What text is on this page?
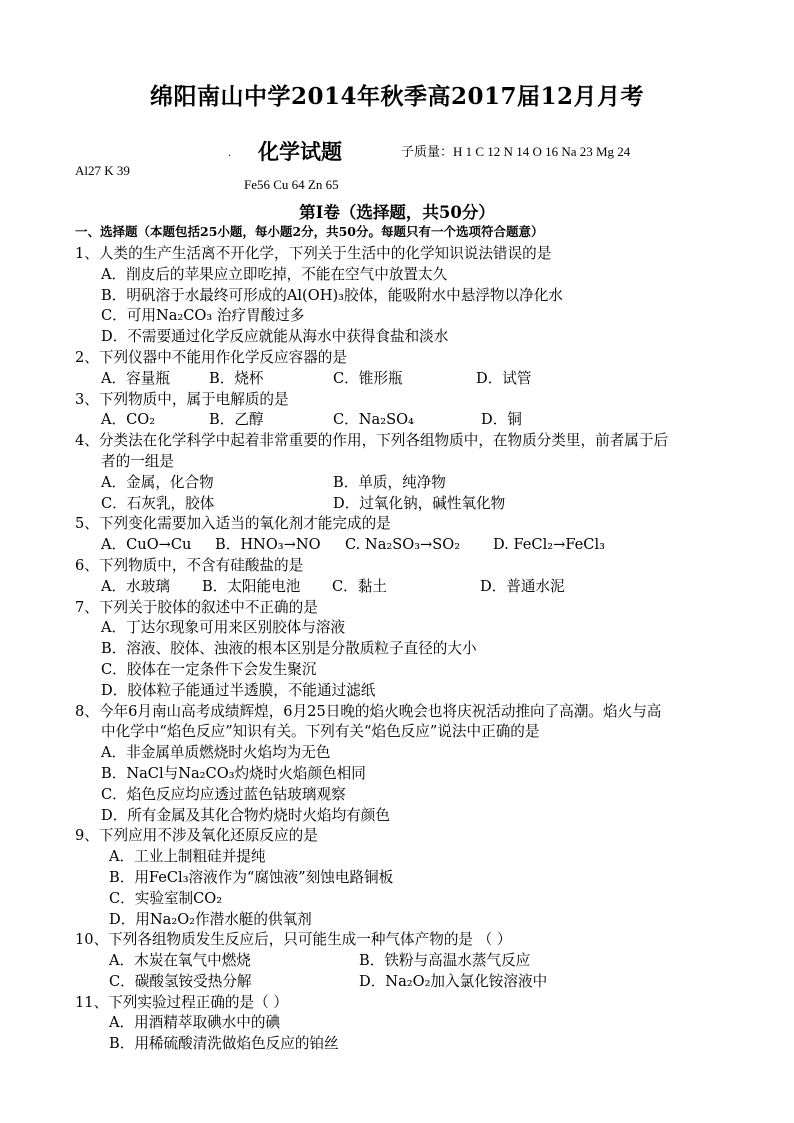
绵阳南山中学2014年秋季高2017届12月月考
. 化学试题	子质量：H 1 C 12 N 14 O 16 Na 23 Mg 24
Al27 K 39
Fe56 Cu 64 Zn 65
第Ⅰ卷（选择题，共50分）
一、选择题（本题包括25小题，每小题2分，共50分。每题只有一个选项符合题意）
1、人类的生产生活离不开化学，下列关于生活中的化学知识说法错误的是
A．削皮后的苹果应立即吃掉，不能在空气中放置太久
B．明矾溶于水最终可形成的Al(OH)₃胶体，能吸附水中悬浮物以净化水
C．可用Na₂CO₃ 治疗胃酸过多
D．不需要通过化学反应就能从海水中获得食盐和淡水
2、下列仪器中不能用作化学反应容器的是
A．容量瓶	B．烧杯	C．锥形瓶	D．试管
3、下列物质中，属于电解质的是
A．CO₂	B．乙醇	C．Na₂SO₄	D．铜
4、分类法在化学科学中起着非常重要的作用，下列各组物质中，在物质分类里，前者属于后
者的一组是
A．金属，化合物	B．单质，纯净物
C．石灰乳，胶体	D．过氧化钠，碱性氧化物
5、下列变化需要加入适当的氧化剂才能完成的是
A．CuO→Cu	B．HNO₃→NO	C. Na₂SO₃→SO₂	D. FeCl₂→FeCl₃
6、下列物质中，不含有硅酸盐的是
A．水玻璃	B．太阳能电池	C．黏土	D．普通水泥
7、下列关于胶体的叙述中不正确的是
A．丁达尔现象可用来区别胶体与溶液
B．溶液、胶体、浊液的根本区别是分散质粒子直径的大小
C．胶体在一定条件下会发生聚沉
D．胶体粒子能通过半透膜，不能通过滤纸
8、今年6月南山高考成绩辉煌，6月25日晚的焰火晚会也将庆祝活动推向了高潮。焰火与高
中化学中“焰色反应”知识有关。下列有关“焰色反应”说法中正确的是
A．非金属单质燃烧时火焰均为无色
B．NaCl与Na₂CO₃灼烧时火焰颜色相同
C．焰色反应均应透过蓝色钴玻璃观察
D．所有金属及其化合物灼烧时火焰均有颜色
9、下列应用不涉及氧化还原反应的是
A．工业上制粗硅并提纯
B．用FeCl₃溶液作为“腐蚀液”刻蚀电路铜板
C．实验室制CO₂
D．用Na₂O₂作潜水艇的供氧剂
10、下列各组物质发生反应后，只可能生成一种气体产物的是 （ ）
A．木炭在氧气中燃烧	B．铁粉与高温水蒸气反应
C．碳酸氢铵受热分解	D．Na₂O₂加入氯化铵溶液中
11、下列实验过程正确的是（ ）
A．用酒精萃取碘水中的碘
B．用稀硫酸清洗做焰色反应的铂丝
